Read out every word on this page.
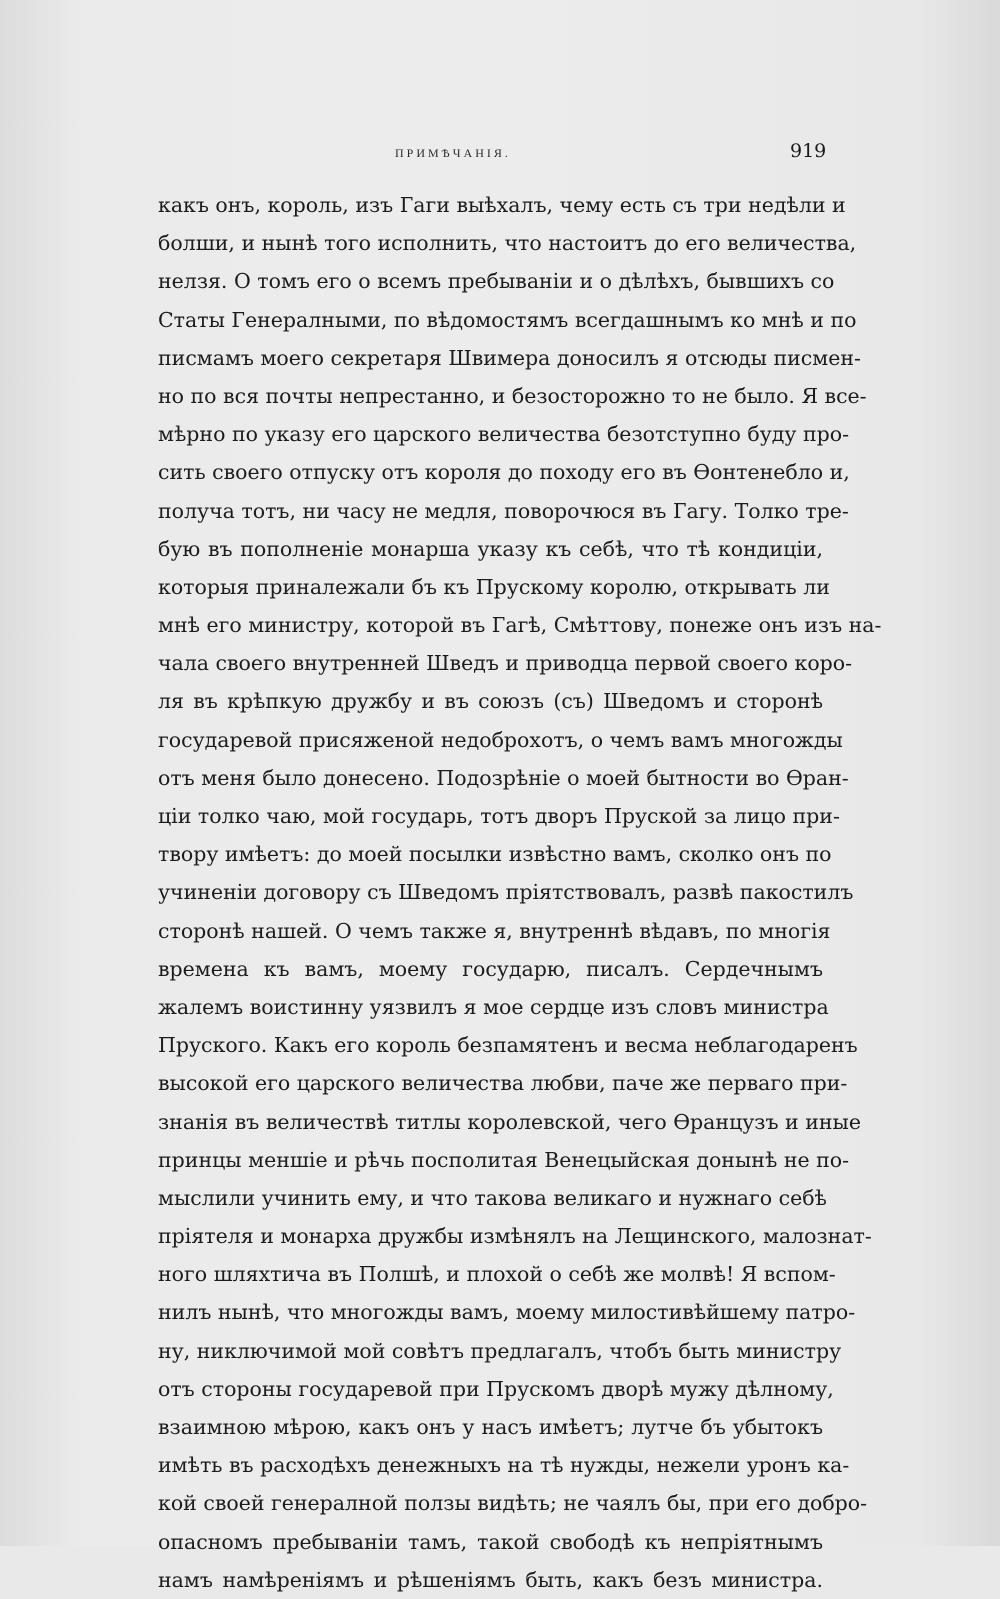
ПРИМѢЧАНІЯ.	919
какъ онъ, король, изъ Гаги выѣхалъ, чему есть съ три недѣли и
болши, и нынѣ того исполнить, что настоитъ до его величества,
нелзя. О томъ его о всемъ пребываніи и о дѣлѣхъ, бывшихъ со
Статы Генералными, по вѣдомостямъ всегдашнымъ ко мнѣ и по
писмамъ моего секретаря Швимера доносилъ я отсюды писмен-
но по вся почты непрестанно, и безосторожно то не было. Я все-
мѣрно по указу его царского величества безотступно буду про-
сить своего отпуску отъ короля до походу его въ Ѳонтенебло и,
получа тотъ, ни часу не медля, поворочюся въ Гагу. Толко тре-
бую въ пополненіе монарша указу къ себѣ, что тѣ кондиціи,
которыя принaлежали бъ къ Прускому королю, открывать ли
мнѣ его министру, которой въ Гагѣ, Смѣттову, понеже онъ изъ на-
чала своего внутренней Шведъ и приводца первой своего коро-
ля въ крѣпкую дружбу и въ союзъ (съ) Шведомъ и сторонѣ
государевой присяженой недоброхотъ, о чемъ вамъ многожды
отъ меня было донесено. Подозрѣніе о моей бытности во Ѳран-
ціи толко чаю, мой государь, тотъ дворъ Пруской за лицо при-
твору имѣетъ: до моей посылки извѣстно вамъ, сколко онъ по
учиненіи договору съ Шведомъ пріятствовалъ, развѣ пакостилъ
сторонѣ нашей. О чемъ также я, внутреннѣ вѣдавъ, по многія
времена къ вамъ, моему государю, писалъ. Сердечнымъ
жалемъ воистинну уязвилъ я мое сердце изъ словъ министра
Пруского. Какъ его король безпамятенъ и весма неблагодаренъ
высокой его царского величества любви, паче же перваго при-
знанія въ величествѣ титлы королевской, чего Ѳранцузъ и иные
принцы меншіе и рѣчь посполитая Венецыйская донынѣ не по-
мыслили учинить ему, и что такова великаго и нужнаго себѣ
пріятеля и монарха дружбы измѣнялъ на Лещинского, малознат-
ного шляхтича въ Полшѣ, и плохой о себѣ же молвѣ! Я вспом-
нилъ нынѣ, что многожды вамъ, моему милостивѣйшему патро-
ну, ниключимой мой совѣтъ предлагалъ, чтобъ быть министру
отъ стороны государевой при Прускомъ дворѣ мужу дѣлному,
взаимною мѣрою, какъ онъ у насъ имѣетъ; лутче бъ убытокъ
имѣть въ расходѣхъ денежныхъ на тѣ нужды, нежели уронъ ка-
кой своей генералной ползы видѣть; не чаялъ бы, при его добро-
опасномъ пребываніи тамъ, такой свободѣ къ непріятнымъ
намъ намѣреніямъ и рѣшеніямъ быть, какъ безъ министра.
